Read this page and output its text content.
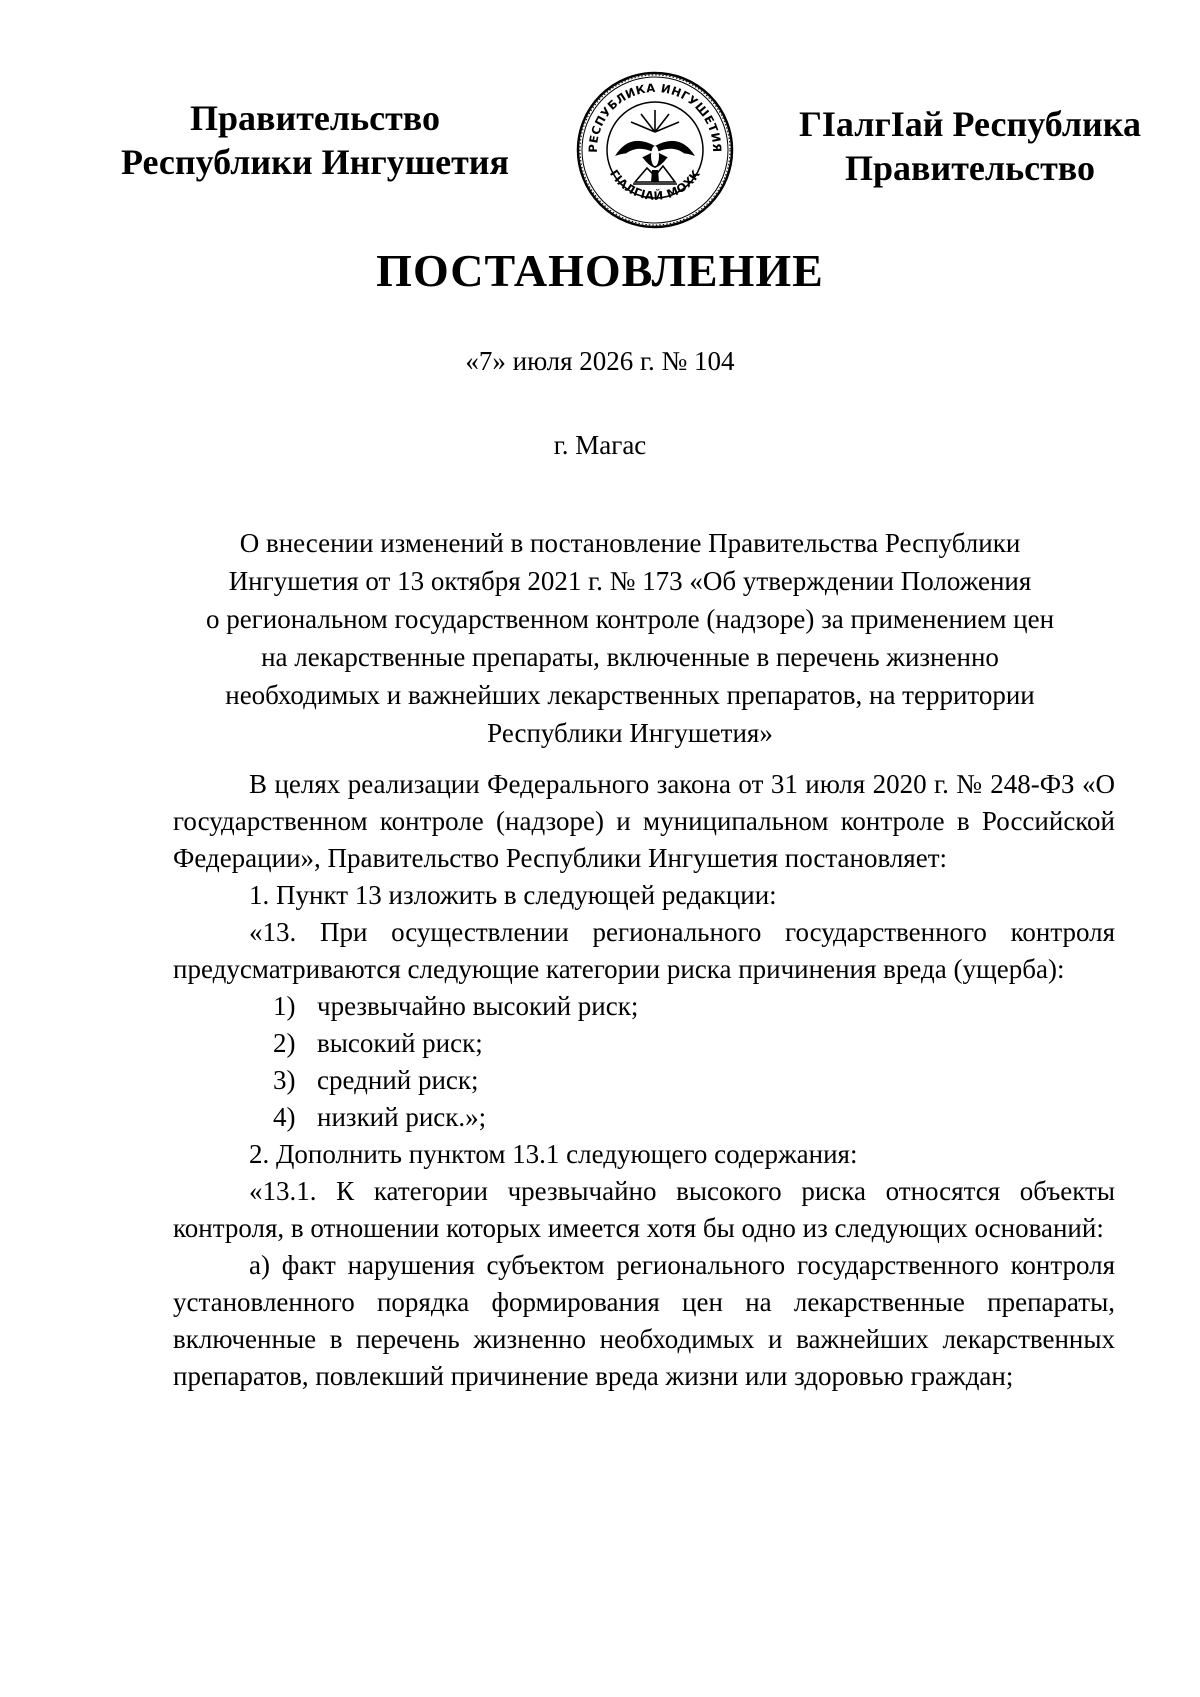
Правительство
Республики Ингушетия	РЕСПУБЛИКА ИНГУШЕТИЯ
ГIАЛГIАЙ МОХК
ГIалгIай Республика
Правительство
ПОСТАНОВЛЕНИЕ
«7» июля 2026 г. № 104
г. Магас
О внесении изменений в постановление Правительства Республики
Ингушетия от 13 октября 2021 г. № 173 «Об утверждении Положения
о региональном государственном контроле (надзоре) за применением цен
на лекарственные препараты, включенные в перечень жизненно
необходимых и важнейших лекарственных препаратов, на территории
Республики Ингушетия»

В целях реализации Федерального закона от 31 июля 2020 г. № 248-ФЗ «О государственном контроле (надзоре) и муниципальном контроле в Российской Федерации», Правительство Республики Ингушетия постановляет:

1. Пункт 13 изложить в следующей редакции:

«13. При осуществлении регионального государственного контроля предусматриваются следующие категории риска причинения вреда (ущерба):

1) чрезвычайно высокий риск;
2) высокий риск;
3) средний риск;
4) низкий риск.»;

2. Дополнить пунктом 13.1 следующего содержания:

«13.1. К категории чрезвычайно высокого риска относятся объекты контроля, в отношении которых имеется хотя бы одно из следующих оснований:

а) факт нарушения субъектом регионального государственного контроля установленного порядка формирования цен на лекарственные препараты, включенные в перечень жизненно необходимых и важнейших лекарственных препаратов, повлекший причинение вреда жизни или здоровью граждан;
